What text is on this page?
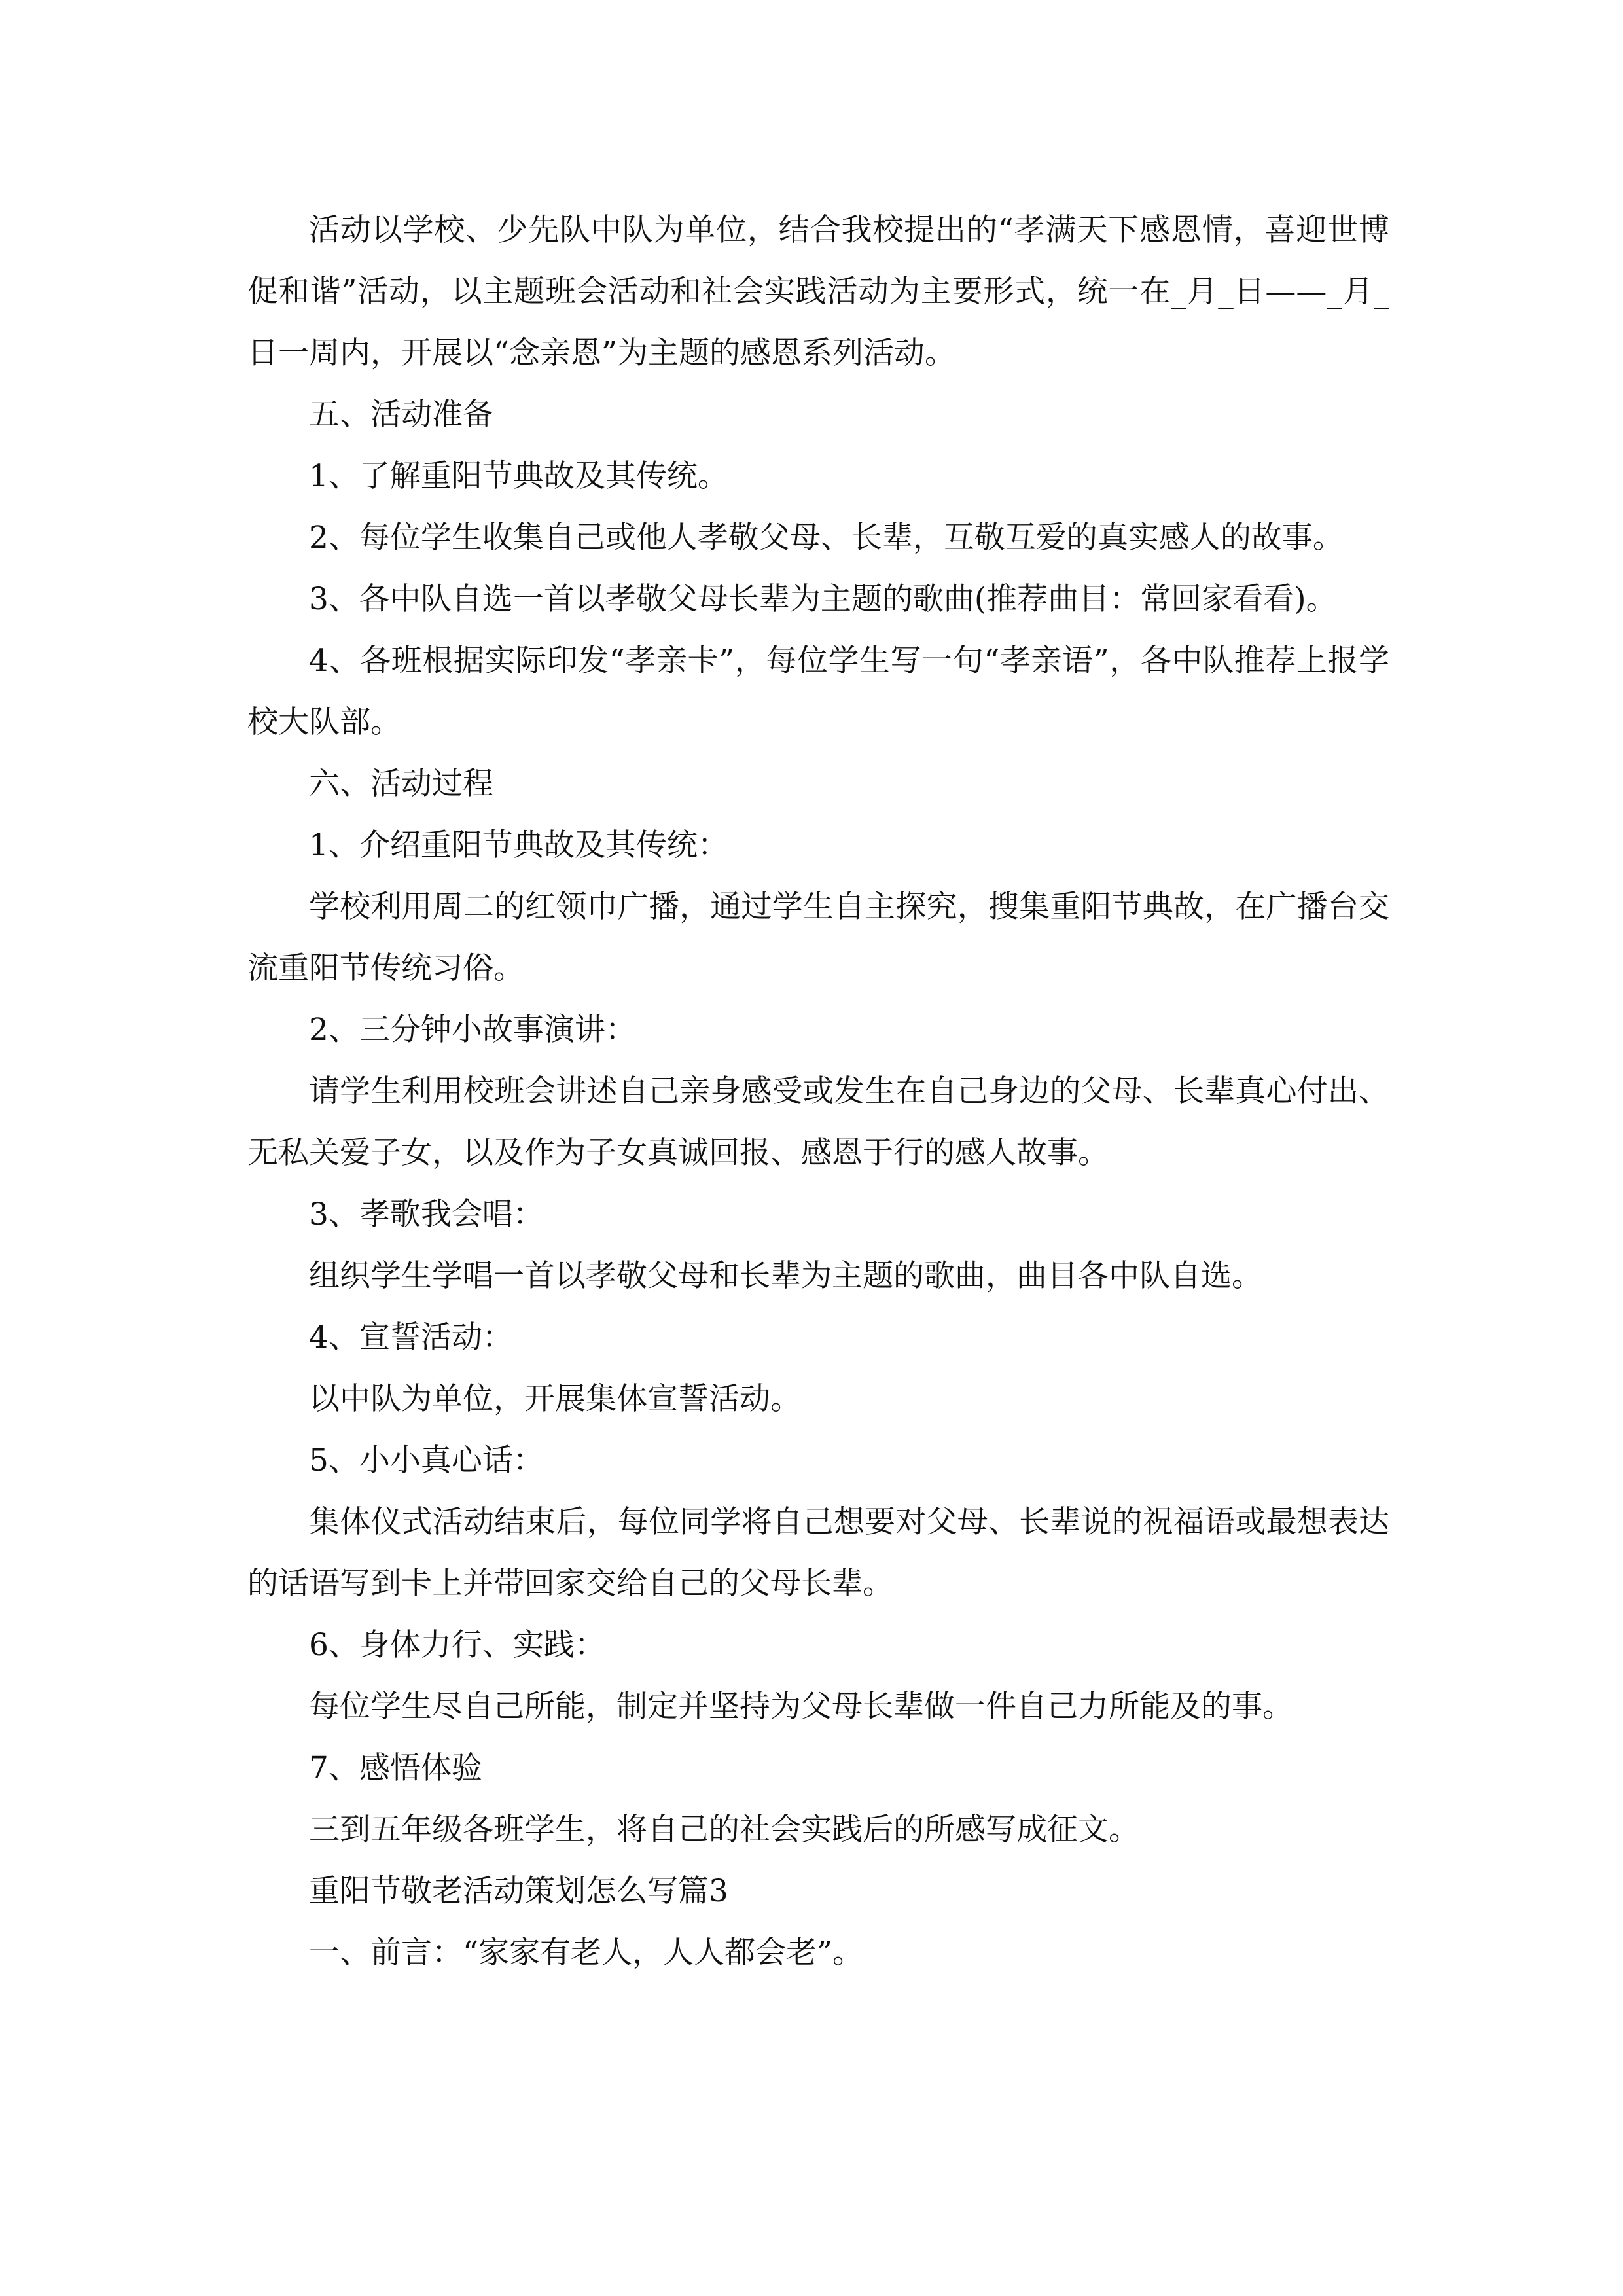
活动以学校、少先队中队为单位，结合我校提出的“孝满天下感恩情，喜迎世博促和谐”活动，以主题班会活动和社会实践活动为主要形式，统一在_月_日——_月_日一周内，开展以“念亲恩”为主题的感恩系列活动。

五、活动准备

1、了解重阳节典故及其传统。

2、每位学生收集自己或他人孝敬父母、长辈，互敬互爱的真实感人的故事。

3、各中队自选一首以孝敬父母长辈为主题的歌曲(推荐曲目：常回家看看)。

4、各班根据实际印发“孝亲卡”，每位学生写一句“孝亲语”，各中队推荐上报学校大队部。

六、活动过程

1、介绍重阳节典故及其传统：

学校利用周二的红领巾广播，通过学生自主探究，搜集重阳节典故，在广播台交流重阳节传统习俗。

2、三分钟小故事演讲：

请学生利用校班会讲述自己亲身感受或发生在自己身边的父母、长辈真心付出、无私关爱子女，以及作为子女真诚回报、感恩于行的感人故事。

3、孝歌我会唱：

组织学生学唱一首以孝敬父母和长辈为主题的歌曲，曲目各中队自选。

4、宣誓活动：

以中队为单位，开展集体宣誓活动。

5、小小真心话：

集体仪式活动结束后，每位同学将自己想要对父母、长辈说的祝福语或最想表达的话语写到卡上并带回家交给自己的父母长辈。

6、身体力行、实践：

每位学生尽自己所能，制定并坚持为父母长辈做一件自己力所能及的事。

7、感悟体验

三到五年级各班学生，将自己的社会实践后的所感写成征文。

重阳节敬老活动策划怎么写篇3

一、前言：“家家有老人，人人都会老”。
